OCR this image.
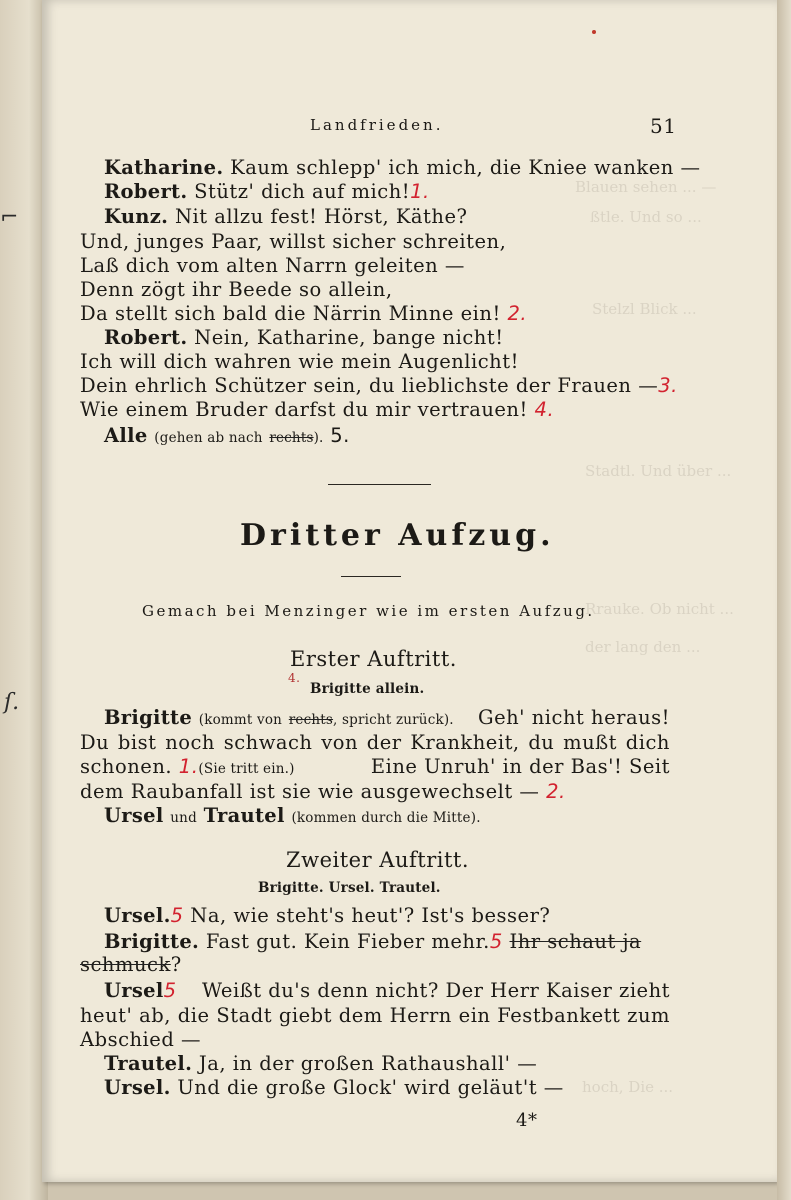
⌐
ſ.
Blauen sehen ... —
ßtle. Und so ...
Stelzl Blick ...
Stadtl. Und über ...
Rrauke. Ob nicht ...
der lang den ...
hoch, Die ...
Landfrieden.	51
Katharine. Kaum schlepp' ich mich, die Kniee wanken —
Robert. Stütz' dich auf mich!1.
Kunz. Nit allzu fest! Hörst, Käthe?
Und, junges Paar, willst sicher schreiten,
Laß dich vom alten Narrn geleiten —
Denn zögt ihr Beede so allein,
Da stellt sich bald die Närrin Minne ein! 2.
Robert. Nein, Katharine, bange nicht!
Ich will dich wahren wie mein Augenlicht!
Dein ehrlich Schützer sein, du lieblichste der Frauen —3.
Wie einem Bruder darfst du mir vertrauen! 4.
Alle (gehen ab nach rechts). 5.
Dritter Aufzug.
Gemach bei Menzinger wie im ersten Aufzug.
Erster Auftritt.
4.
Brigitte allein.
Brigitte (kommt von rechts, spricht zurück). Geh' nicht heraus!
Du bist noch schwach von der Krankheit, du mußt dich
schonen. 1.(Sie tritt ein.)	Eine Unruh' in der Bas'! Seit
dem Raubanfall ist sie wie ausgewechselt — 2.
Ursel und Trautel (kommen durch die Mitte).
Zweiter Auftritt.
Brigitte. Ursel. Trautel.
Ursel.5 Na, wie steht's heut'? Ist's besser?
Brigitte. Fast gut. Kein Fieber mehr.5 Ihr schaut ja
schmuck?
Ursel5 Weißt du's denn nicht? Der Herr Kaiser zieht
heut' ab, die Stadt giebt dem Herrn ein Festbankett zum
Abschied —
Trautel. Ja, in der großen Rathaushall' —
Ursel. Und die große Glock' wird geläut't —
4*
